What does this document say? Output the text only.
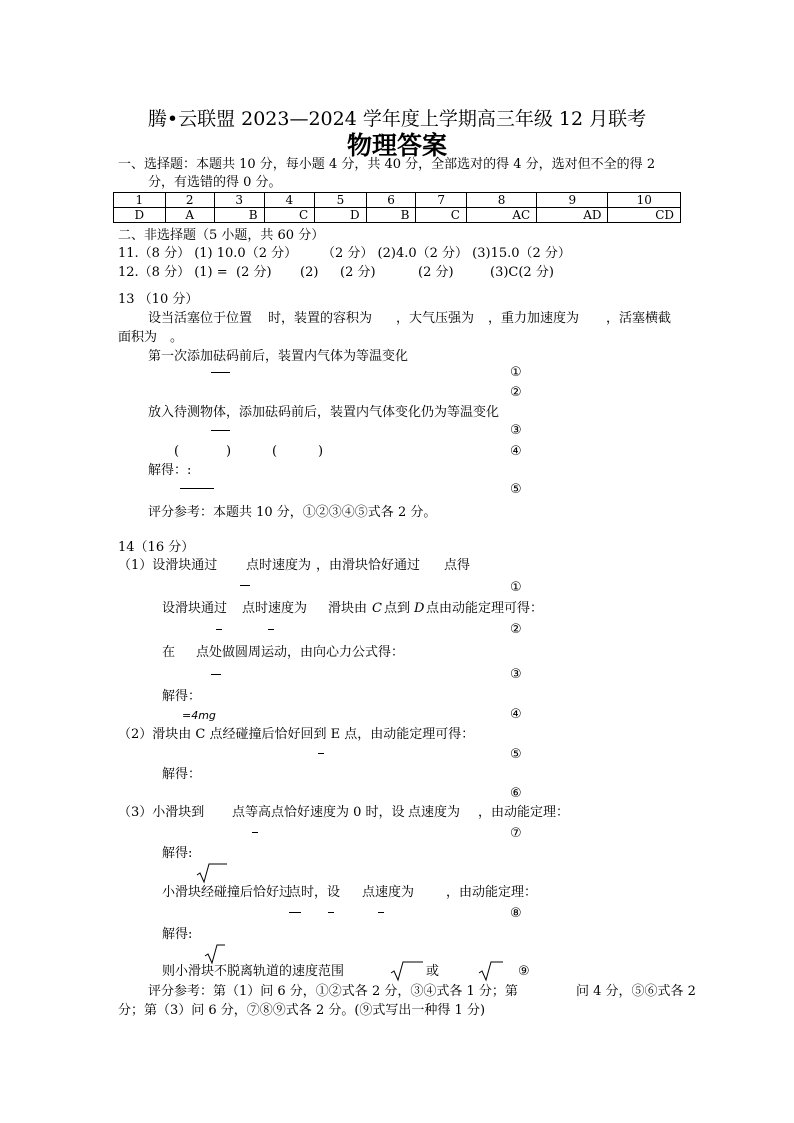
腾•云联盟 2023—2024 学年度上学期高三年级 12 月联考
物理答案
一、选择题：本题共 10 分，每小题 4 分，共 40 分，全部选对的得 4 分，选对但不全的得 2
分，有选错的得 0 分。
1	2	3	4	5	6	7	8	9	10
D	A	B	C	D	B	C	AC	AD	CD
二、非选择题（5 小题，共 60 分）
11.（8 分） (1) 10.0（2 分） （2 分） (2)4.0（2 分） (3)15.0（2 分）
12.（8 分） (1) = (2 分) (2) (2 分)	(2 分)	(3)C(2 分)
13 （10 分）
设当活塞位于位置 时，装置的容积为 ，大气压强为 ，重力加速度为 ，活塞横截
面积为 。
第一次添加砝码前后，装置内气体为等温变化
①
②
放入待测物体，添加砝码前后，装置内气体变化仍为等温变化
③
(	)	(	)	④
解得：:
⑤
评分参考：本题共 10 分，①②③④⑤式各 2 分。
14（16 分）
（1）设滑块通过 点时速度为 ，由滑块恰好通过 点得
①
设滑块通过 点时速度为 滑块由 C 点到 D 点由动能定理可得：
②
在 点处做圆周运动，由向心力公式得：
③
解得：
=4mg	④
（2）滑块由 C 点经碰撞后恰好回到 E 点，由动能定理可得：
⑤
解得：
⑥
（3）小滑块到 点等高点恰好速度为 0 时，设 点速度为 ，由动能定理：
⑦
解得:
小滑块经碰撞后恰好过
点时，设 点速度为 ，由动能定理：
⑧
解得:
则小滑块不脱离轨道的速度范围	或	⑨
评分参考：第（1）问 6 分，①②式各 2 分，③④式各 1 分；第	问 4 分，⑤⑥式各 2
分；第（3）问 6 分，⑦⑧⑨式各 2 分。(⑨式写出一种得 1 分)
